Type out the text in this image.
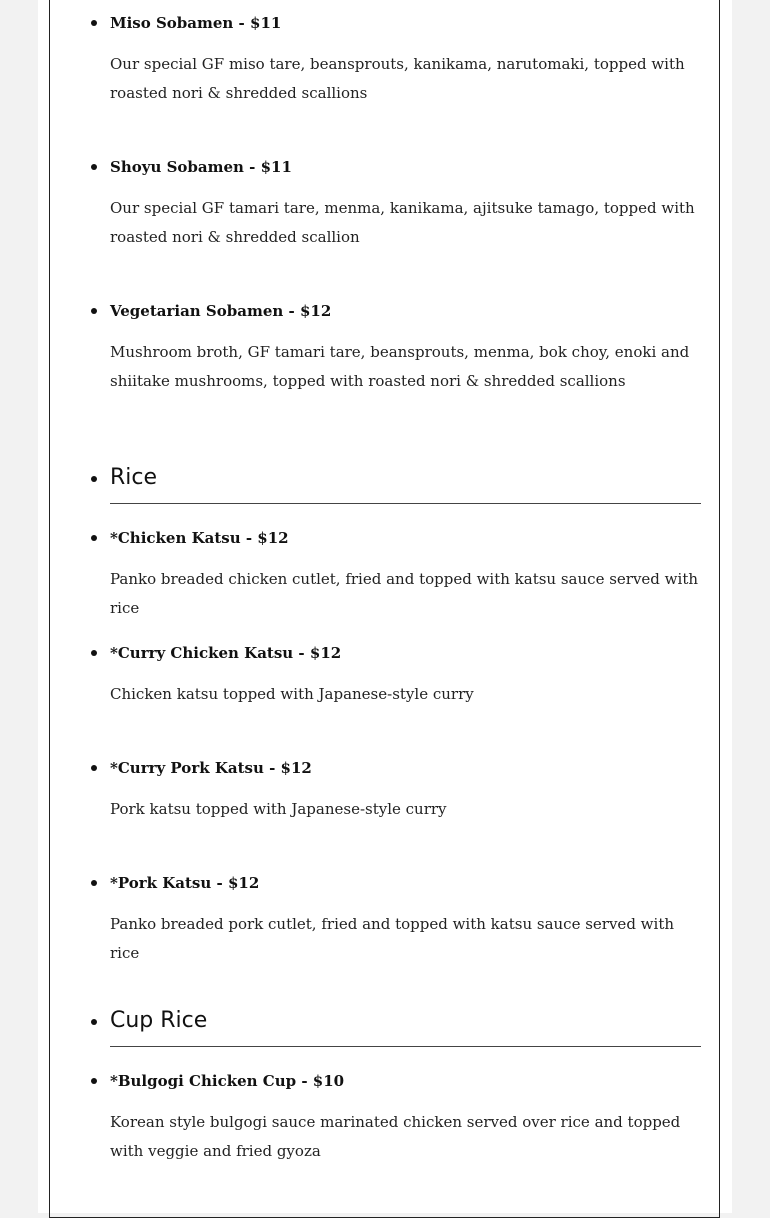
Miso Sobamen - $11
Our special GF miso tare, beansprouts, kanikama, narutomaki, topped with roasted nori & shredded scallions
Shoyu Sobamen - $11
Our special GF tamari tare, menma, kanikama, ajitsuke tamago, topped with roasted nori & shredded scallion
Vegetarian Sobamen - $12
Mushroom broth, GF tamari tare, beansprouts, menma, bok choy, enoki and shiitake mushrooms, topped with roasted nori & shredded scallions
Rice
*Chicken Katsu - $12
Panko breaded chicken cutlet, fried and topped with katsu sauce served with rice
*Curry Chicken Katsu - $12
Chicken katsu topped with Japanese-style curry
*Curry Pork Katsu - $12
Pork katsu topped with Japanese-style curry
*Pork Katsu - $12
Panko breaded pork cutlet, fried and topped with katsu sauce served with rice
Cup Rice
*Bulgogi Chicken Cup - $10
Korean style bulgogi sauce marinated chicken served over rice and topped with veggie and fried gyoza
